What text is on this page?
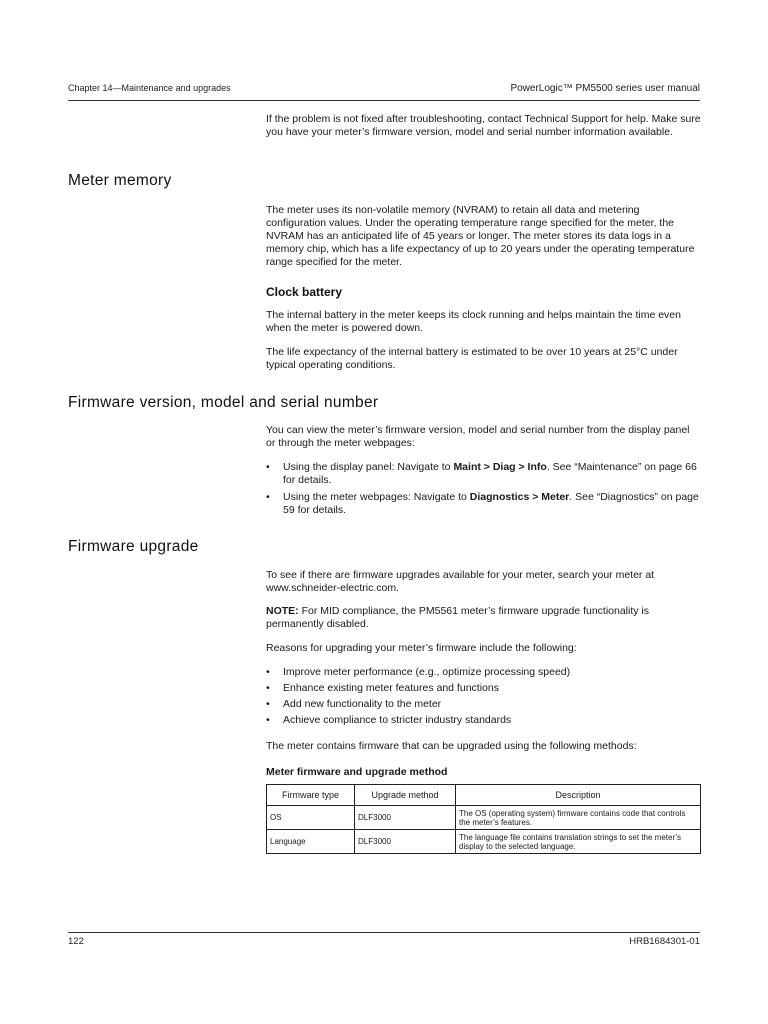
Chapter 14—Maintenance and upgrades	PowerLogic™ PM5500 series user manual

If the problem is not fixed after troubleshooting, contact Technical Support for help. Make sure you have your meter’s firmware version, model and serial number information available.

Meter memory

The meter uses its non-volatile memory (NVRAM) to retain all data and metering configuration values. Under the operating temperature range specified for the meter, the NVRAM has an anticipated life of 45 years or longer. The meter stores its data logs in a memory chip, which has a life expectancy of up to 20 years under the operating temperature range specified for the meter.

Clock battery

The internal battery in the meter keeps its clock running and helps maintain the time even when the meter is powered down.

The life expectancy of the internal battery is estimated to be over 10 years at 25°C under typical operating conditions.

Firmware version, model and serial number

You can view the meter’s firmware version, model and serial number from the display panel or through the meter webpages:

• Using the display panel: Navigate to Maint > Diag > Info. See “Maintenance” on page 66 for details.
• Using the meter webpages: Navigate to Diagnostics > Meter. See “Diagnostics” on page 59 for details.
Firmware upgrade

To see if there are firmware upgrades available for your meter, search your meter at www.schneider-electric.com.

NOTE: For MID compliance, the PM5561 meter’s firmware upgrade functionality is permanently disabled.

Reasons for upgrading your meter’s firmware include the following:

• Improve meter performance (e.g., optimize processing speed)
• Enhance existing meter features and functions
• Add new functionality to the meter
• Achieve compliance to stricter industry standards

The meter contains firmware that can be upgraded using the following methods:

Meter firmware and upgrade method

Firmware type	Upgrade method	Description
OS	DLF3000	The OS (operating system) firmware contains code that controls the meter’s features.
Language	DLF3000	The language file contains translation strings to set the meter’s display to the selected language.
122	HRB1684301-01
